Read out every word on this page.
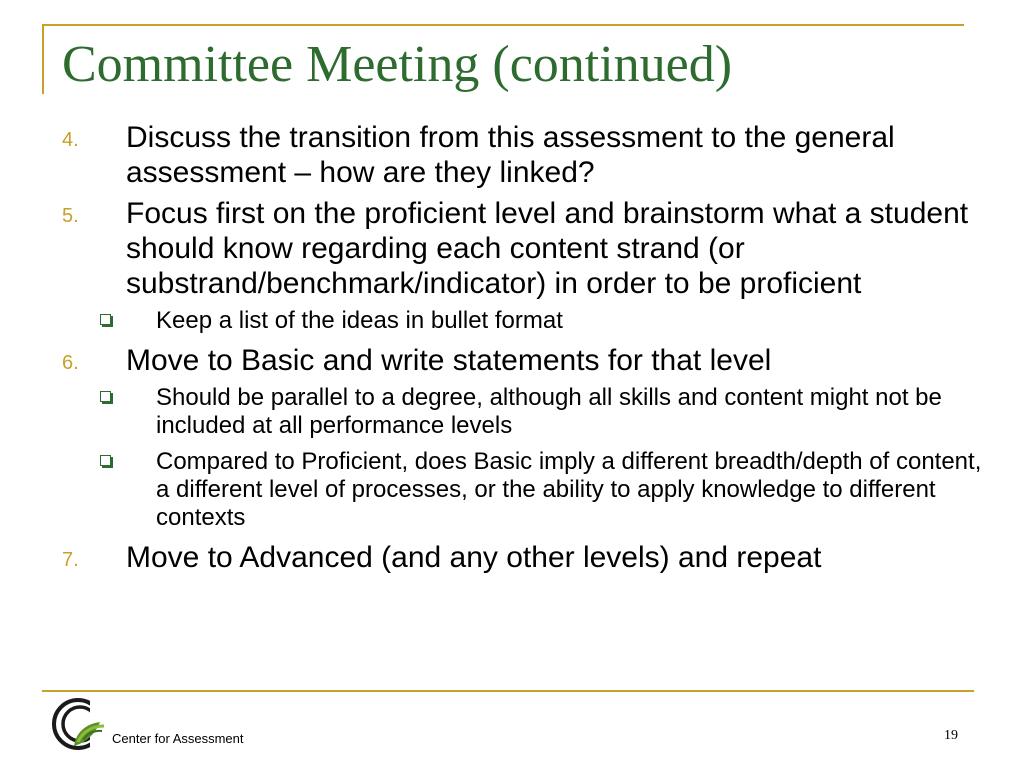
Committee Meeting (continued)
4. Discuss the transition from this assessment to the general assessment – how are they linked?
5. Focus first on the proficient level and brainstorm what a student should know regarding each content strand (or substrand/benchmark/indicator) in order to be proficient
Keep a list of the ideas in bullet format
6. Move to Basic and write statements for that level
Should be parallel to a degree, although all skills and content might not be included at all performance levels
Compared to Proficient, does Basic imply a different breadth/depth of content, a different level of processes, or the ability to apply knowledge to different contexts
7. Move to Advanced (and any other levels) and repeat
Center for Assessment	19
